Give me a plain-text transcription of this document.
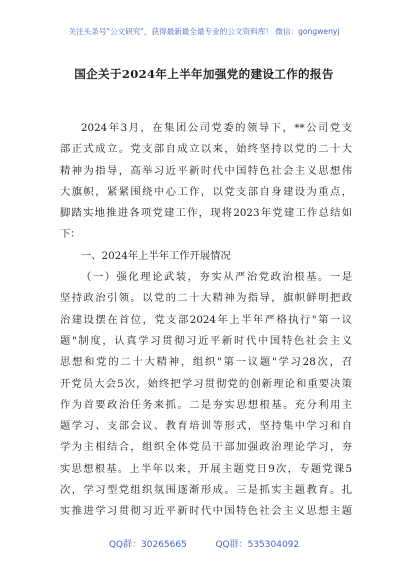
关注头条号"公文研究"，获得最新最全最专业的公文资料库！ 微信：gongwenyj
国企关于2024年上半年加强党的建设工作的报告
2024年3月，在集团公司党委的领导下，**公司党支
部正式成立。党支部自成立以来，始终坚持以党的二十大
精神为指导，高举习近平新时代中国特色社会主义思想伟
大旗帜，紧紧围绕中心工作，以党支部自身建设为重点，
脚踏实地推进各项党建工作，现将2023年党建工作总结如
下：
一、2024年上半年工作开展情况
（一）强化理论武装，夯实从严治党政治根基。一是
坚持政治引领。以党的二十大精神为指导，旗帜鲜明把政
治建设摆在首位，党支部2024年上半年严格执行"第一议
题"制度，认真学习贯彻习近平新时代中国特色社会主义
思想和党的二十大精神，组织"第一议题"学习28次，召
开党员大会5次，始终把学习贯彻党的创新理论和重要决策
作为首要政治任务来抓。二是夯实思想根基。充分利用主
题学习、支部会议、教育培训等形式，坚持集中学习和自
学为主相结合，组织全体党员干部加强政治理论学习，夯
实思想根基。上半年以来，开展主题党日9次，专题党课5
次，学习型党组织氛围逐渐形成。三是抓实主题教育。扎
实推进学习贯彻习近平新时代中国特色社会主义思想主题
QQ群：30265665	QQ群：535304092
